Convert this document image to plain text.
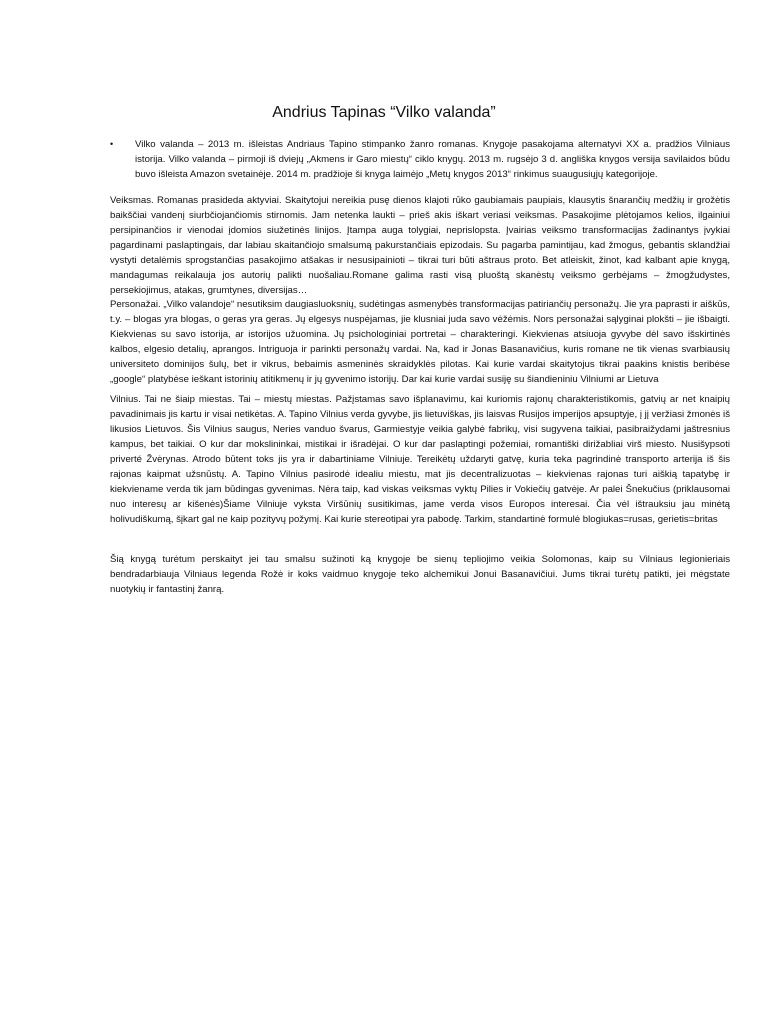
Andrius Tapinas “Vilko valanda”
• Vilko valanda – 2013 m. išleistas Andriaus Tapino stimpanko žanro romanas. Knygoje pasakojama alternatyvi XX a. pradžios Vilniaus istorija. Vilko valanda – pirmoji iš dviejų „Akmens ir Garo miestų“ ciklo knygų. 2013 m. rugsėjo 3 d. angliška knygos versija savilaidos būdu buvo išleista Amazon svetainėje. 2014 m. pradžioje ši knyga laimėjo „Metų knygos 2013“ rinkimus suaugusiųjų kategorijoje.

Veiksmas. Romanas prasideda aktyviai. Skaitytojui nereikia pusę dienos klajoti rūko gaubiamais paupiais, klausytis šnarančių medžių ir grožėtis baikščiai vandenį siurbčiojančiomis stirnomis. Jam netenka laukti – prieš akis iškart veriasi veiksmas. Pasakojime plėtojamos kelios, ilgainiui persipinančios ir vienodai įdomios siužetinės linijos. Įtampa auga tolygiai, neprislopsta. Įvairias veiksmo transformacijas žadinantys įvykiai pagardinami paslaptingais, dar labiau skaitančiojo smalsumą pakurstančiais epizodais. Su pagarba pamintijau, kad žmogus, gebantis sklandžiai vystyti detalėmis sprogstančias pasakojimo atšakas ir nesusipainioti – tikrai turi būti aštraus proto. Bet atleiskit, žinot, kad kalbant apie knygą, mandagumas reikalauja jos autorių palikti nuošaliau.Romane galima rasti visą pluoštą skanėstų veiksmo gerbėjams – žmogžudystes, persekiojimus, atakas, grumtynes, diversijas…

Personažai. „Vilko valandoje“ nesutiksim daugiasluoksnių, sudėtingas asmenybės transformacijas patiriančių personažų. Jie yra paprasti ir aiškūs, t.y. – blogas yra blogas, o geras yra geras. Jų elgesys nuspėjamas, jie klusniai juda savo vėžėmis. Nors personažai sąlyginai plokšti – jie išbaigti. Kiekvienas su savo istorija, ar istorijos užuomina. Jų psichologiniai portretai – charakteringi. Kiekvienas atsiuoja gyvybe dėl savo išskirtinės kalbos, elgesio detalių, aprangos. Intriguoja ir parinkti personažų vardai. Na, kad ir Jonas Basanavičius, kuris romane ne tik vienas svarbiausių universiteto dominijos šulų, bet ir vikrus, bebaimis asmeninės skraidyklės pilotas. Kai kurie vardai skaitytojus tikrai paakins knistis beribėse „google“ platybėse ieškant istorinių atitikmenų ir jų gyvenimo istorijų. Dar kai kurie vardai susiję su šiandieniniu Vilniumi ar Lietuva

Vilnius. Tai ne šiaip miestas. Tai – miestų miestas. Pažįstamas savo išplanavimu, kai kuriomis rajonų charakteristikomis, gatvių ar net knaipių pavadinimais jis kartu ir visai netikėtas. A. Tapino Vilnius verda gyvybe, jis lietuviškas, jis laisvas Rusijos imperijos apsuptyje, į jį veržiasi žmonės iš likusios Lietuvos. Šis Vilnius saugus, Neries vanduo švarus, Garmiestyje veikia galybė fabrikų, visi sugyvena taikiai, pasibraižydami jaštresnius kampus, bet taikiai. O kur dar mokslininkai, mistikai ir išradėjai. O kur dar paslaptingi požemiai, romantiški dirižabliai virš miesto. Nusišypsoti priverté Žvėrynas. Atrodo būtent toks jis yra ir dabartiniame Vilniuje. Tereikėtų uždaryti gatvę, kuria teka pagrindinė transporto arterija iš šis rajonas kaipmat užsnūstų. A. Tapino Vilnius pasirodė idealiu miestu, mat jis decentralizuotas – kiekvienas rajonas turi aiškią tapatybę ir kiekviename verda tik jam būdingas gyvenimas. Nėra taip, kad viskas veiksmas vyktų Pilies ir Vokiečių gatvėje. Ar palei Šnekučius (priklausomai nuo interesų ar kišenės)Šiame Vilniuje vyksta Viršūnių susitikimas, jame verda visos Europos interesai. Čia vėl ištrauksiu jau minėtą holivudiškumą, šįkart gal ne kaip pozityvų požymį. Kai kurie stereotipai yra pabodę. Tarkim, standartinė formulė blogiukas=rusas, gerietis=britas

Šią knygą turėtum perskaityt jei tau smalsu sužinoti ką knygoje be sienų tepliojimo veikia Solomonas, kaip su Vilniaus legionieriais bendradarbiauja Vilniaus legenda Rožė ir koks vaidmuo knygoje teko alchemikui Jonui Basanavičiui. Jums tikrai turėtų patikti, jei mėgstate nuotykių ir fantastinį žanrą.
